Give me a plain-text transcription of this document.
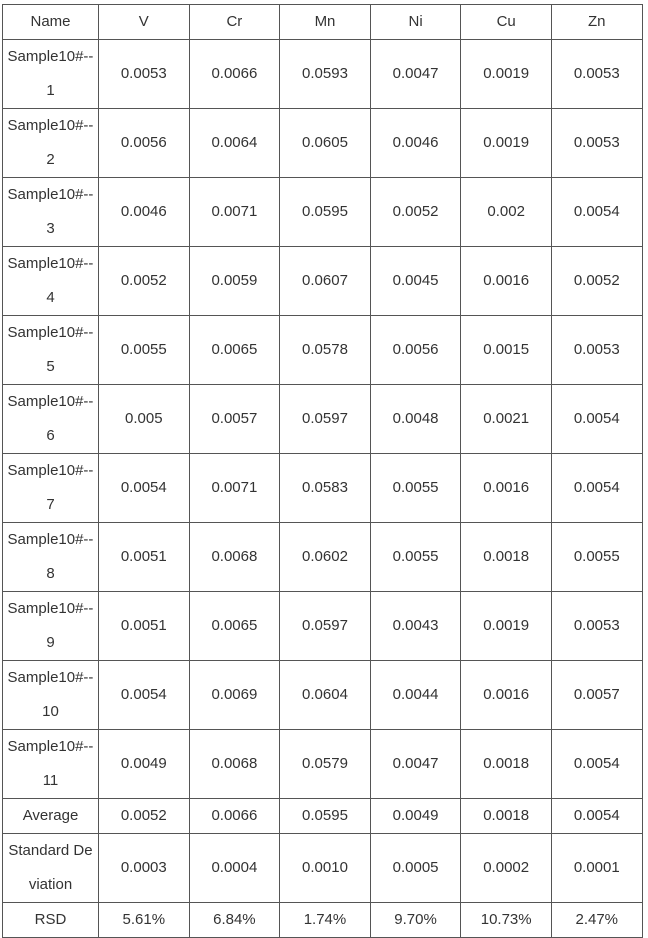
Name	V	Cr	Mn	Ni	Cu	Zn
Sample10#--1	0.0053	0.0066	0.0593	0.0047	0.0019	0.0053
Sample10#--2	0.0056	0.0064	0.0605	0.0046	0.0019	0.0053
Sample10#--3	0.0046	0.0071	0.0595	0.0052	0.002	0.0054
Sample10#--4	0.0052	0.0059	0.0607	0.0045	0.0016	0.0052
Sample10#--5	0.0055	0.0065	0.0578	0.0056	0.0015	0.0053
Sample10#--6	0.005	0.0057	0.0597	0.0048	0.0021	0.0054
Sample10#--7	0.0054	0.0071	0.0583	0.0055	0.0016	0.0054
Sample10#--8	0.0051	0.0068	0.0602	0.0055	0.0018	0.0055
Sample10#--9	0.0051	0.0065	0.0597	0.0043	0.0019	0.0053
Sample10#--10	0.0054	0.0069	0.0604	0.0044	0.0016	0.0057
Sample10#--11	0.0049	0.0068	0.0579	0.0047	0.0018	0.0054
Average	0.0052	0.0066	0.0595	0.0049	0.0018	0.0054
Standard Deviation	0.0003	0.0004	0.0010	0.0005	0.0002	0.0001
RSD	5.61%	6.84%	1.74%	9.70%	10.73%	2.47%
